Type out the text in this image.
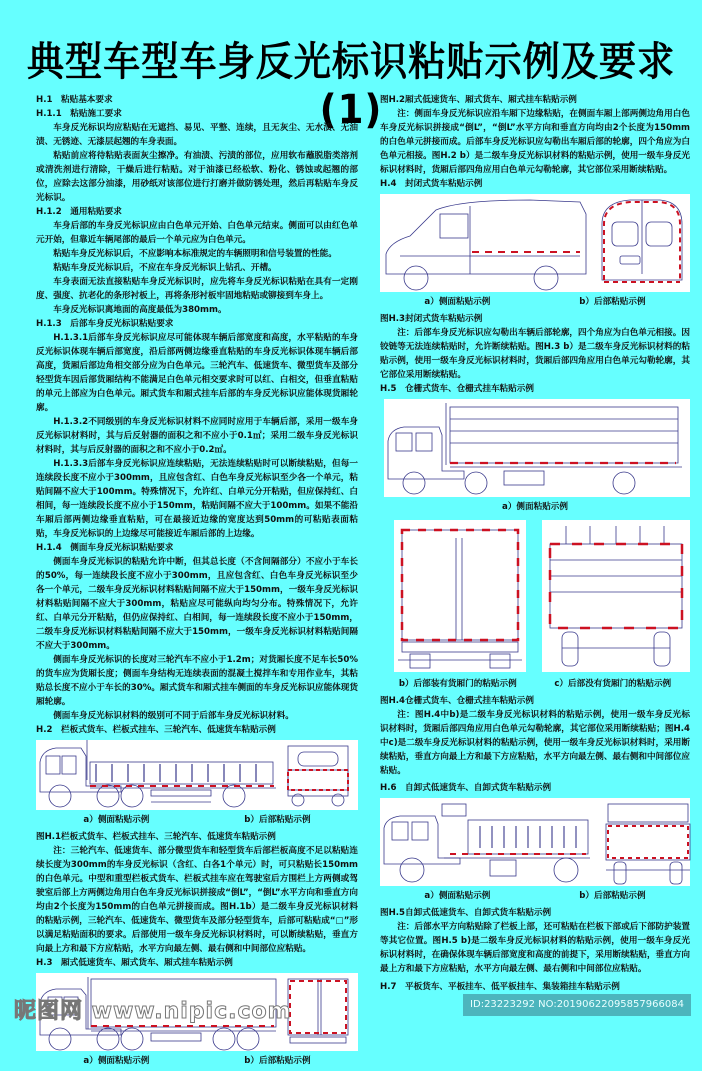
典型车型车身反光标识粘贴示例及要求(1)
H.1　粘贴基本要求
H.1.1　粘贴施工要求
车身反光标识均应粘贴在无遮挡、易见、平整、连续，且无灰尘、无水渍、无油渍、无锈迹、无漆层起翘的车身表面。
粘贴前应将待粘贴表面灰尘擦净。有油渍、污渍的部位，应用软布蘸脱脂类溶剂或清洗剂进行清除，干燥后进行粘贴。对于油漆已经松软、粉化、锈蚀或起翘的部位，应除去这部分油漆，用砂纸对该部位进行打磨并做防锈处理，然后再粘贴车身反光标识。
H.1.2　通用粘贴要求
车身后部的车身反光标识应由白色单元开始、白色单元结束。侧面可以由红色单元开始，但靠近车辆尾部的最后一个单元应为白色单元。
粘贴车身反光标识后，不应影响本标准规定的车辆照明和信号装置的性能。
粘贴车身反光标识后，不应在车身反光标识上钻孔、开槽。
车身表面无法直接粘贴车身反光标识时，应先将车身反光标识粘贴在具有一定刚度、强度、抗老化的条形衬板上，再将条形衬板牢固地粘贴或铆接到车身上。
车身反光标识离地面的高度最低为380mm。
H.1.3　后部车身反光标识粘贴要求
H.1.3.1后部车身反光标识应尽可能体现车辆后部宽度和高度，水平粘贴的车身反光标识体现车辆后部宽度，沿后部两侧边缘垂直粘贴的车身反光标识体现车辆后部高度，货厢后部边角相交部分应为白色单元。三轮汽车、低速货车、微型货车及部分轻型货车因后部货厢结构不能满足白色单元相交要求时可以红、白相交，但垂直粘贴的单元上部应为白色单元。厢式货车和厢式挂车后部的车身反光标识应能体现货厢轮廓。
H.1.3.2不同级别的车身反光标识材料不应同时应用于车辆后部，采用一级车身反光标识材料时，其与后反射器的面积之和不应小于0.1㎡；采用二级车身反光标识材料时，其与后反射器的面积之和不应小于0.2㎡。
H.1.3.3后部车身反光标识应连续粘贴，无法连续粘贴时可以断续粘贴，但每一连续段长度不应小于300mm，且应包含红、白色车身反光标识至少各一个单元，粘贴间隔不应大于100mm。特殊情况下，允许红、白单元分开粘贴，但应保持红、白相间，每一连续段长度不应小于150mm，粘贴间隔不应大于100mm。如果不能沿车厢后部两侧边缘垂直粘贴，可在最接近边缘的宽度达到50mm的可粘贴表面粘贴，车身反光标识的上边缘尽可能接近车厢后部的上边缘。
H.1.4　侧面车身反光标识粘贴要求
侧面车身反光标识的粘贴允许中断，但其总长度（不含间隔部分）不应小于车长的50%，每一连续段长度不应小于300mm，且应包含红、白色车身反光标识至少各一个单元，二级车身反光标识材料粘贴间隔不应大于150mm，一级车身反光标识材料粘贴间隔不应大于300mm，粘贴应尽可能纵向均匀分布。特殊情况下，允许红、白单元分开粘贴，但仍应保持红、白相间，每一连续段长度不应小于150mm，二级车身反光标识材料粘贴间隔不应大于150mm，一级车身反光标识材料粘贴间隔不应大于300mm。
侧面车身反光标识的长度对三轮汽车不应小于1.2m；对货厢长度不足车长50%的货车应为货厢长度；侧面车身结构无连续表面的混凝土搅拌车和专用作业车，其粘贴总长度不应小于车长的30%。厢式货车和厢式挂车侧面的车身反光标识应能体现货厢轮廓。
侧面车身反光标识材料的级别可不同于后部车身反光标识材料。
H.2　栏板式货车、栏板式挂车、三轮汽车、低速货车粘贴示例
a）侧面粘贴示例	b）后部粘贴示例
图H.1栏板式货车、栏板式挂车、三轮汽车、低速货车粘贴示例
注：三轮汽车、低速货车、部分微型货车和轻型货车后部栏板高度不足以粘贴连续长度为300mm的车身反光标识（含红、白各1个单元）时，可只粘贴长150mm的白色单元。中型和重型栏板式货车、栏板式挂车应在驾驶室后方围栏上方两侧或驾驶室后部上方两侧边角用白色车身反光标识拼接成“倒L”，“倒L”水平方向和垂直方向均由2个长度为150mm的白色单元拼接而成。图H.1b）是二级车身反光标识材料的粘贴示例，三轮汽车、低速货车、微型货车及部分轻型货车，后部可粘贴成“□”形以满足粘贴面积的要求。后部使用一级车身反光标识材料时，可以断续粘贴，垂直方向最上方和最下方应粘贴，水平方向最左侧、最右侧和中间部位应粘贴。
H.3　厢式低速货车、厢式货车、厢式挂车粘贴示例
a）侧面粘贴示例	b）后部粘贴示例
图H.2厢式低速货车、厢式货车、厢式挂车粘贴示例
注：侧面车身反光标识应沿车厢下边缘粘贴，在侧面车厢上部两侧边角用白色车身反光标识拼接成“倒L”，“倒L”水平方向和垂直方向均由2个长度为150mm的白色单元拼接而成。后部车身反光标识应勾勒出车厢后部的轮廓，四个角应为白色单元相接。图H.2 b）是二级车身反光标识材料的粘贴示例，使用一级车身反光标识材料时，货厢后部四角应用白色单元勾勒轮廓，其它部位采用断续粘贴。
H.4　封闭式货车粘贴示例
a）侧面粘贴示例	b）后部粘贴示例
图H.3封闭式货车粘贴示例
注：后部车身反光标识应勾勒出车辆后部轮廓，四个角应为白色单元相接。因铰链等无法连续粘贴时，允许断续粘贴。图H.3 b）是二级车身反光标识材料的粘贴示例，使用一级车身反光标识材料时，货厢后部四角应用白色单元勾勒轮廓，其它部位采用断续粘贴。
H.5　仓栅式货车、仓栅式挂车粘贴示例
a）侧面粘贴示例
b）后部装有货厢门的粘贴示例	c）后部没有货厢门的粘贴示例
图H.4仓栅式货车、仓栅式挂车粘贴示例
注：图H.4中b)是二级车身反光标识材料的粘贴示例，使用一级车身反光标识材料时，货厢后部四角应用白色单元勾勒轮廓，其它部位采用断续粘贴；图H.4中c)是二级车身反光标识材料的粘贴示例，使用一级车身反光标识材料时，采用断续粘贴，垂直方向最上方和最下方应粘贴，水平方向最左侧、最右侧和中间部位应粘贴。
H.6　自卸式低速货车、自卸式货车粘贴示例
a）侧面粘贴示例	b）后部粘贴示例
图H.5自卸式低速货车、自卸式货车粘贴示例
注：后部水平方向粘贴除了栏板上部，还可粘贴在栏板下部或后下部防护装置等其它位置。图H.5 b)是二级车身反光标识材料的粘贴示例，使用一级车身反光标识材料时，在确保体现车辆后部宽度和高度的前提下，采用断续粘贴，垂直方向最上方和最下方应粘贴，水平方向最左侧、最右侧和中间部位应粘贴。
H.7　平板货车、平板挂车、低平板挂车、集装箱挂车粘贴示例
昵图网 www.nipic.com	ID:23223292 NO:20190622095857966084
